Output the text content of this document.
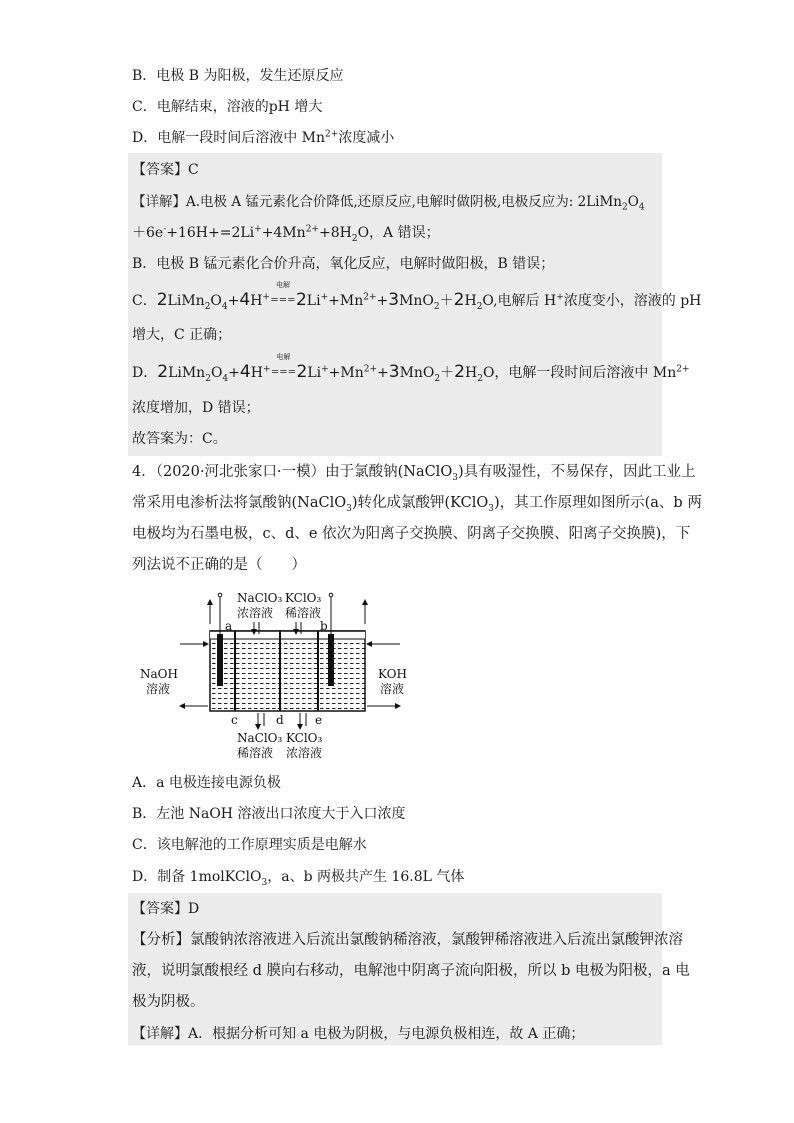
B．电极 B 为阳极，发生还原反应
C．电解结束，溶液的pH 增大
D．电解一段时间后溶液中 $Mn^{2+}$浓度减小
【答案】C
【详解】A.电极 A 锰元素化合价降低,还原反应,电解时做阴极,电极反应为: $2LiMn_2O_4$
$+6e^-+16H+=2Li^++4Mn^{2+}+8H_2O$，A 错误；
B．电极 B 锰元素化合价升高，氧化反应，电解时做阳极，B 错误；
C．$2LiMn_2O_4+4H^+$
电解
$===2Li^++Mn^{2+}+3MnO_2+2H_2O$,电解后 H+浓度变小，溶液的 pH
增大，C 正确；
D．$2LiMn_2O_4+4H^+$
电解
$===2Li^++Mn^{2+}+3MnO_2+2H_2O$，电解一段时间后溶液中 $Mn^{2+}$
浓度增加，D 错误；
故答案为：C。
4．（2020·河北张家口·一模）由于氯酸钠(NaClO$_3$)具有吸湿性，不易保存，因此工业上
常采用电渗析法将氯酸钠(NaClO$_3$)转化成氯酸钾(KClO$_3$)，其工作原理如图所示(a、b 两
电极均为石墨电极，c、d、e 依次为阳离子交换膜、阴离子交换膜、阳离子交换膜)，下
列法说不正确的是（　　）
NaClO₃
浓溶液
KClO₃
稀溶液
NaClO₃
稀溶液
KClO₃
浓溶液
NaOH
溶液
KOH
溶液
a	b
c	d	e
A．a 电极连接电源负极
B．左池 NaOH 溶液出口浓度大于入口浓度
C．该电解池的工作原理实质是电解水
D．制备 1molKClO$_3$，a、b 两极共产生 16.8L 气体
【答案】D
【分析】氯酸钠浓溶液进入后流出氯酸钠稀溶液，氯酸钾稀溶液进入后流出氯酸钾浓溶
液，说明氯酸根经 d 膜向右移动，电解池中阴离子流向阳极，所以 b 电极为阳极，a 电
极为阴极。
【详解】A．根据分析可知 a 电极为阴极，与电源负极相连，故 A 正确；
